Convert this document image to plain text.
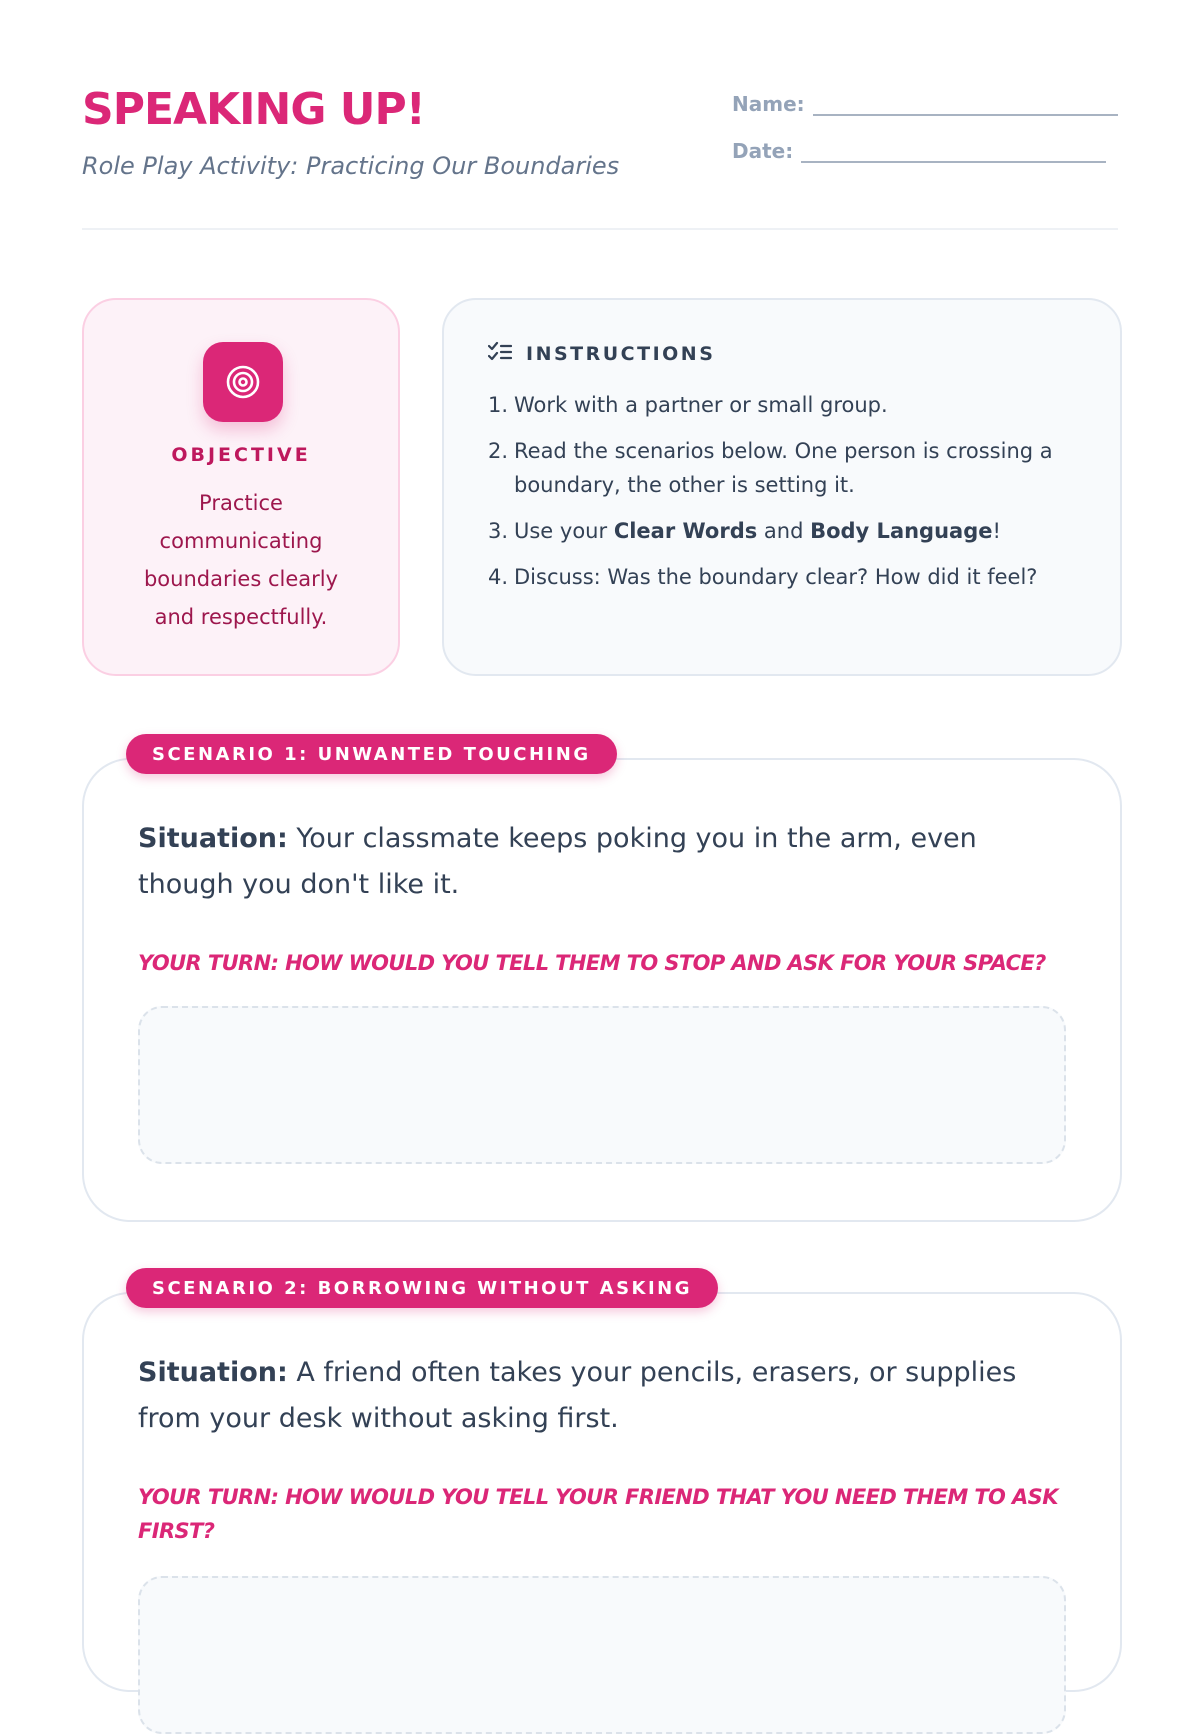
SPEAKING UP!
Role Play Activity: Practicing Our Boundaries
Name:
Date:
OBJECTIVE
Practice communicating boundaries clearly and respectfully.
INSTRUCTIONS
1. Work with a partner or small group.
2. Read the scenarios below. One person is crossing a boundary, the other is setting it.
3. Use your Clear Words and Body Language!
4. Discuss: Was the boundary clear? How did it feel?
SCENARIO 1: UNWANTED TOUCHING
Situation: Your classmate keeps poking you in the arm, even though you don't like it.
YOUR TURN: HOW WOULD YOU TELL THEM TO STOP AND ASK FOR YOUR SPACE?
SCENARIO 2: BORROWING WITHOUT ASKING
Situation: A friend often takes your pencils, erasers, or supplies from your desk without asking first.
YOUR TURN: HOW WOULD YOU TELL YOUR FRIEND THAT YOU NEED THEM TO ASK FIRST?
